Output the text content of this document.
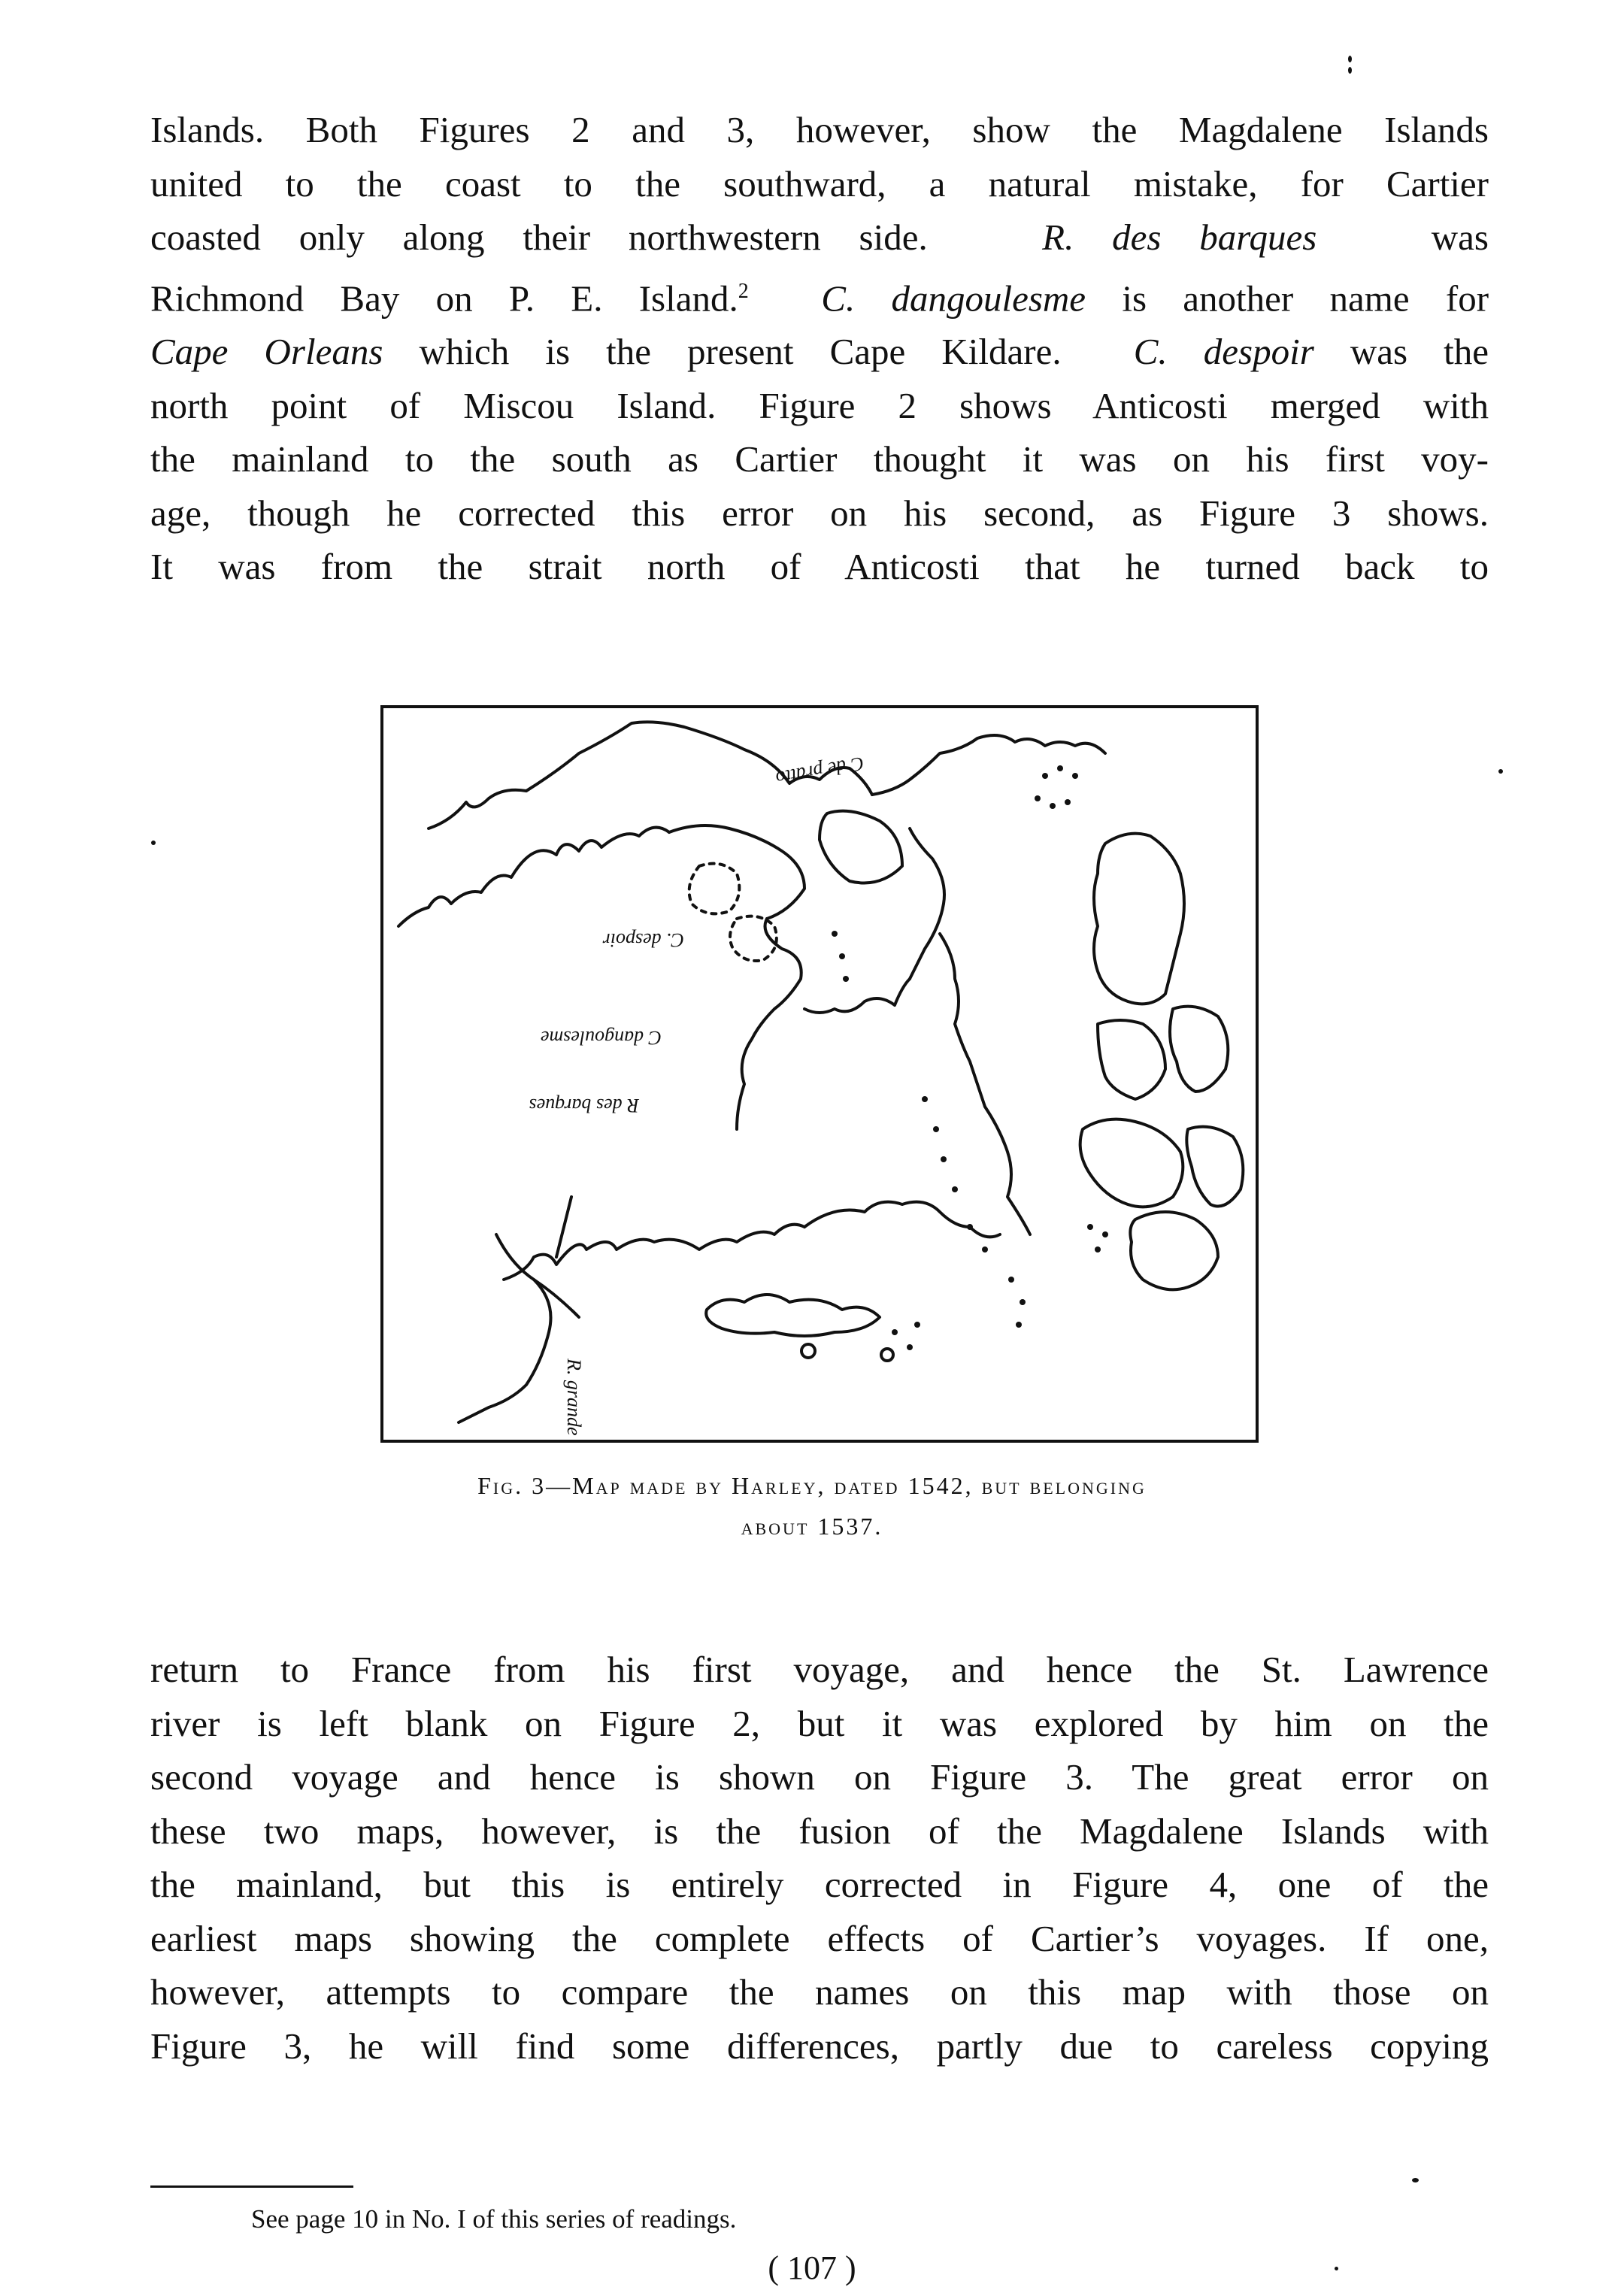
Islands. Both Figures 2 and 3, however, show the Magdalene Islands
united to the coast to the southward, a natural mistake, for Cartier
coasted only along their northwestern side.	R. des barques	was
Richmond Bay on P. E. Island.$^2$ C. dangoulesme is another name for
Cape Orleans which is the present Cape Kildare. C. despoir was the
north point of Miscou Island. Figure 2 shows Anticosti merged with
the mainland to the south as Cartier thought it was on his first voy-
age, though he corrected this error on his second, as Figure 3 shows.
It was from the strait north of Anticosti that he turned back to
R des barques
C dangoulesme
C. despoir
C de pratto
R. grande

Fig. 3—Map made by Harley, dated 1542, but belonging

about 1537.

return to France from his first voyage, and hence the St. Lawrence
river is left blank on Figure 2, but it was explored by him on the
second voyage and hence is shown on Figure 3. The great error on
these two maps, however, is the fusion of the Magdalene Islands with
the mainland, but this is entirely corrected in Figure 4, one of the
earliest maps showing the complete effects of Cartier’s voyages. If one,
however, attempts to compare the names on this map with those on
Figure 3, he will find some differences, partly due to careless copying

See page 10 in No. I of this series of readings.

( 107 )
